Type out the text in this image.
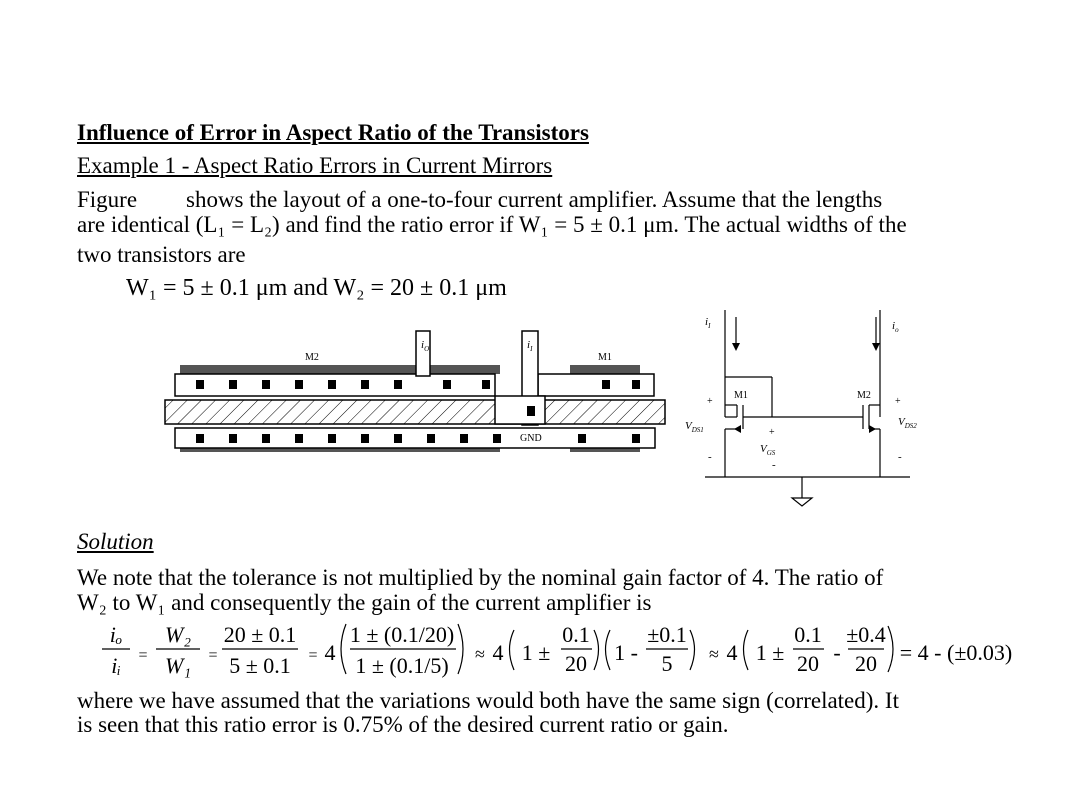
Influence of Error in Aspect Ratio of the Transistors
Example 1 - Aspect Ratio Errors in Current Mirrors
Figure shows the layout of a one-to-four current amplifier. Assume that the lengths
are identical (L₁ = L₂) and find the ratio error if W₁ = 5 ± 0.1 μm. The actual widths of the
two transistors are
W₁ = 5 ± 0.1 μm and W₂ = 20 ± 0.1 μm
M2	M1
$i_O$	$i_I$
GND
$i_I$	$i_o$
M1	M2
+	+
$V_{DS1}$
$V_{DS2}$
+
$V_{GS}$
-	-
-
Solution
We note that the tolerance is not multiplied by the nominal gain factor of 4. The ratio of
W₂ to W₁ and consequently the gain of the current amplifier is
iₒ
iᵢ =
W₂
W₁ =
20 ± 0.1
5 ± 0.1 = 4
1 ± (0.1/20)
1 ± (0.1/5) ≈ 4 1 ±
0.1
20 1 -
±0.1
5 ≈ 4 1 ±
0.1
20 -
±0.4
20 = 4 - (±0.03)
where we have assumed that the variations would both have the same sign (correlated). It
is seen that this ratio error is 0.75% of the desired current ratio or gain.
